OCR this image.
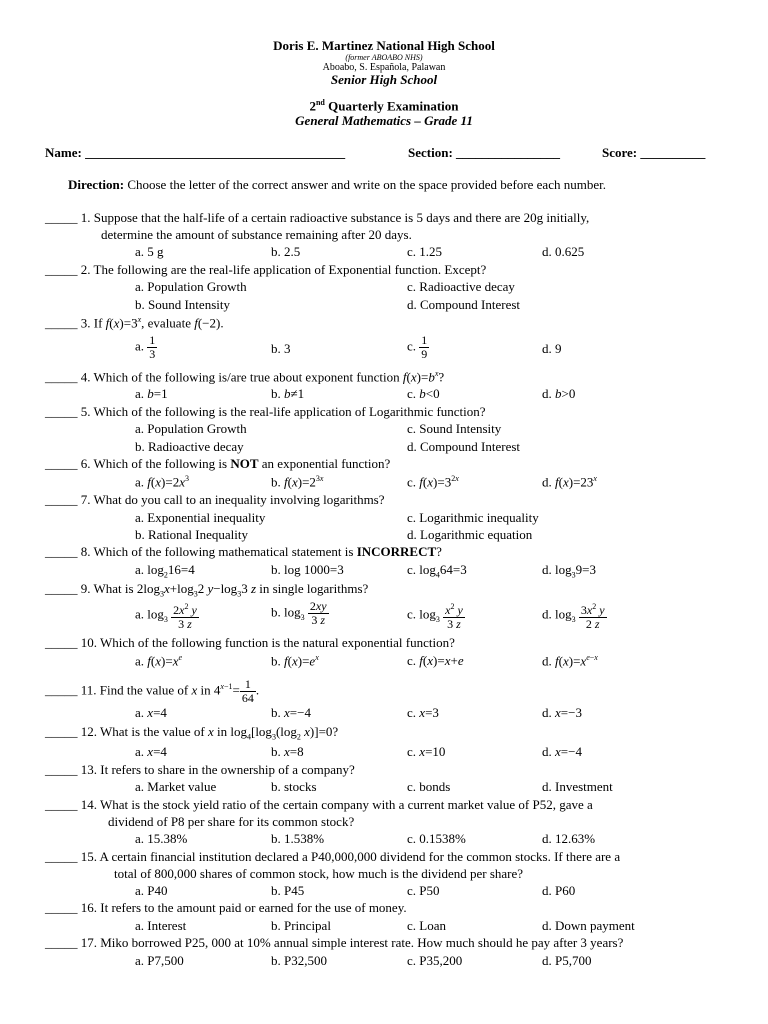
Doris E. Martinez National High School
(former ABOABO NHS)
Aboabo, S. Española, Palawan
Senior High School
2nd Quarterly Examination
General Mathematics – Grade 11
Name: ________________________________________	Section: ________________	Score: __________
Direction: Choose the letter of the correct answer and write on the space provided before each number.
_____ 1. Suppose that the half-life of a certain radioactive substance is 5 days and there are 20g initially,
determine the amount of substance remaining after 20 days.
a. 5 g	b. 2.5	c. 1.25	d. 0.625
_____ 2. The following are the real-life application of Exponential function. Except?
a. Population Growth	c. Radioactive decay
b. Sound Intensity	d. Compound Interest
_____ 3. If $f(x)=3^x$, evaluate f(−2).
a. $\frac{1}{3}$	b. 3	c. $\frac{1}{9}$	d. 9
_____ 4. Which of the following is/are true about exponent function $f(x)=b^x$?
a. b=1	b. b≠1	c. b<0	d. b>0
_____ 5. Which of the following is the real-life application of Logarithmic function?
a. Population Growth	c. Sound Intensity
b. Radioactive decay	d. Compound Interest
_____ 6. Which of the following is NOT an exponential function?
a. $f(x)=2x^3$	b. $f(x)=2^{3x}$	c. $f(x)=3^{2x}$	d. $f(x)=23^x$
_____ 7. What do you call to an inequality involving logarithms?
a. Exponential inequality	c. Logarithmic inequality
b. Rational Inequality	d. Logarithmic equation
_____ 8. Which of the following mathematical statement is INCORRECT?
a. $\log_216=4$	b. log 1000=3	c. $\log_464=3$	d. $\log_39=3$
_____ 9. What is $2\log_3x+\log_32$ $y-\log_33$ z in single logarithms?
a. $\log_3 \frac{2x^2 y}{3 z}$	b. $\log_3 \frac{2xy}{3 z}$	c. $\log_3 \frac{x^2 y}{3 z}$	d. $\log_3 \frac{3x^2 y}{2 z}$
_____ 10. Which of the following function is the natural exponential function?
a. $f(x)=x^e$	b. $f(x)=e^x$	c. f(x)=x+e	d. $f(x)=x^{e-x}$
_____ 11. Find the value of x in $4^{x-1}= \frac{1}{64}$ .
a. x=4	b. x=−4	c. x=3	d. x=−3
_____ 12. What is the value of x in $\log_4[\log_3(\log_2$ x)]=0?
a. x=4	b. x=8	c. x=10	d. x=−4
_____ 13. It refers to share in the ownership of a company?
a. Market value	b. stocks	c. bonds	d. Investment
_____ 14. What is the stock yield ratio of the certain company with a current market value of P52, gave a
dividend of P8 per share for its common stock?
a. 15.38%	b. 1.538%	c. 0.1538%	d. 12.63%
_____ 15. A certain financial institution declared a P40,000,000 dividend for the common stocks. If there are a
total of 800,000 shares of common stock, how much is the dividend per share?
a. P40	b. P45	c. P50	d. P60
_____ 16. It refers to the amount paid or earned for the use of money.
a. Interest	b. Principal	c. Loan	d. Down payment
_____ 17. Miko borrowed P25, 000 at 10% annual simple interest rate. How much should he pay after 3 years?
a. P7,500	b. P32,500	c. P35,200	d. P5,700
